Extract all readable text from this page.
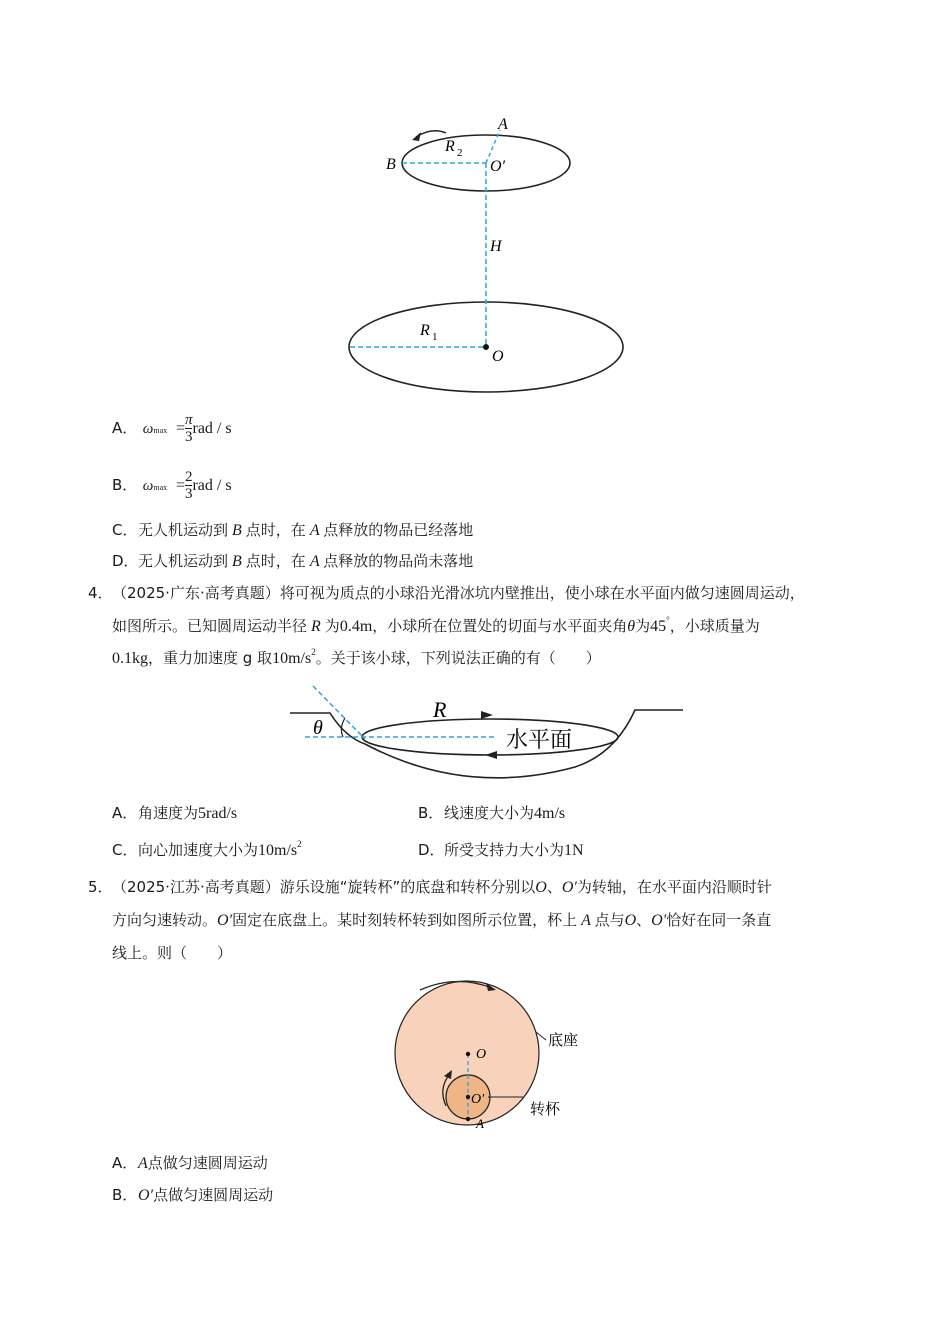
A
B
R 2
O′
H
R 1
O
A． $\omega\max = \frac{\pi}{3}$ rad / s
B． $\omega\max = \frac{2}{3}$ rad / s
C．无人机运动到 B 点时，在 A 点释放的物品已经落地
D．无人机运动到 B 点时，在 A 点释放的物品尚未落地
4． （2025·广东·高考真题）将可视为质点的小球沿光滑冰坑内壁推出，使小球在水平面内做匀速圆周运动，
如图所示。已知圆周运动半径 R 为0.4m，小球所在位置处的切面与水平面夹角θ为45°，小球质量为
0.1kg，重力加速度 g 取$10m/s^2$。关于该小球，下列说法正确的有（　　）
R
θ	水平面
A．角速度为5rad/s	B．线速度大小为4m/s
C．向心加速度大小为$10m/s^2$	D．所受支持力大小为1N
5． （2025·江苏·高考真题）游乐设施“旋转杯”的底盘和转杯分别以O、O′为转轴，在水平面内沿顺时针
方向匀速转动。O′固定在底盘上。某时刻转杯转到如图所示位置，杯上 A 点与O、O′恰好在同一条直
线上。则（　　）
O
O′
A
底座
转杯
A．A点做匀速圆周运动
B．O′点做匀速圆周运动
